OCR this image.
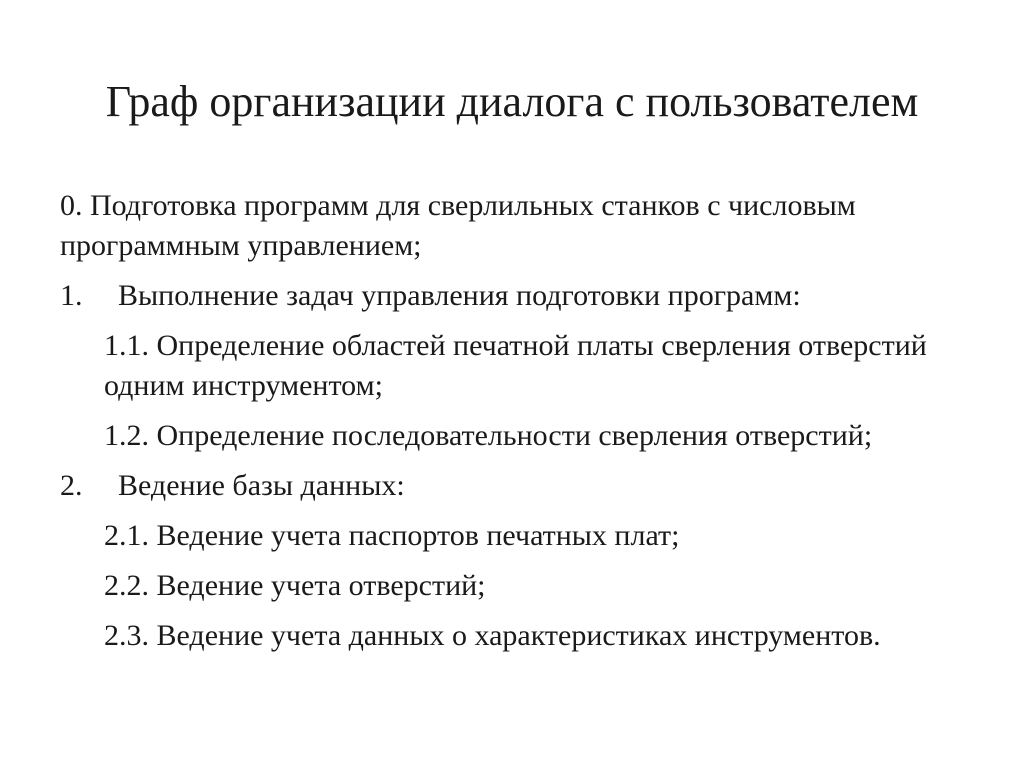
Граф организации диалога с пользователем
0. Подготовка программ для сверлильных станков с числовым программным управлением;
1.	Выполнение задач управления подготовки программ:
1.1. Определение областей печатной платы сверления отверстий одним инструментом;
1.2. Определение последовательности сверления отверстий;
2.	Ведение базы данных:
2.1. Ведение учета паспортов печатных плат;
2.2. Ведение учета отверстий;
2.3. Ведение учета данных о характеристиках инструментов.
